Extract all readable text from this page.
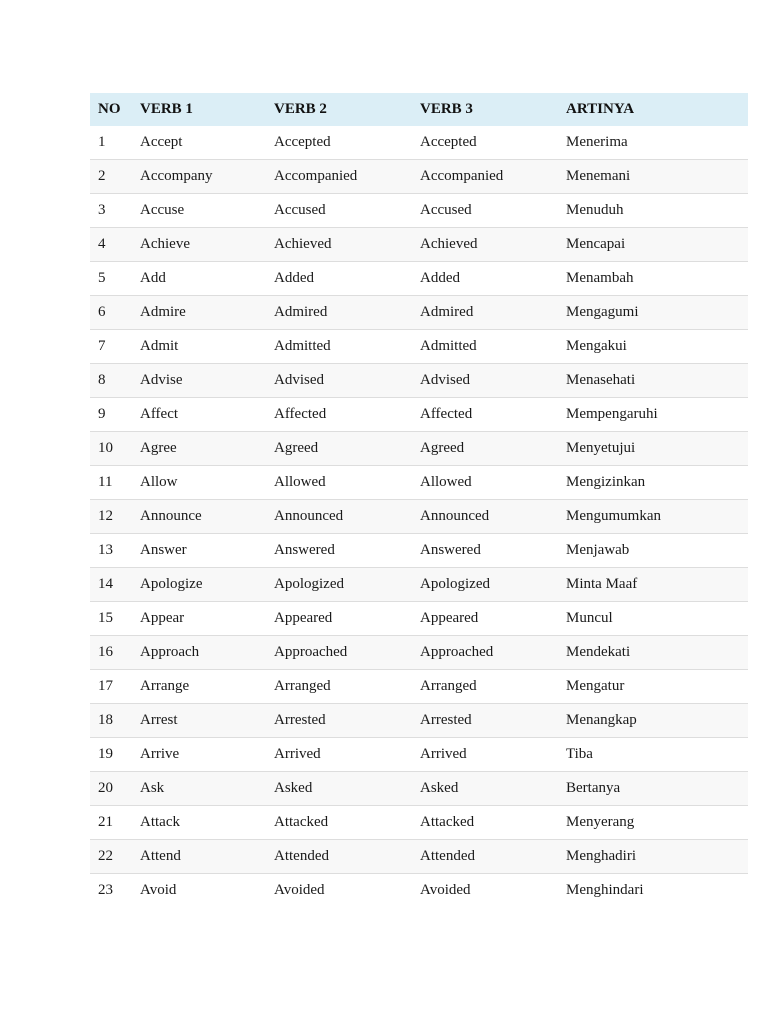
NO	VERB 1	VERB 2	VERB 3	ARTINYA
1	Accept	Accepted	Accepted	Menerima
2	Accompany	Accompanied	Accompanied	Menemani
3	Accuse	Accused	Accused	Menuduh
4	Achieve	Achieved	Achieved	Mencapai
5	Add	Added	Added	Menambah
6	Admire	Admired	Admired	Mengagumi
7	Admit	Admitted	Admitted	Mengakui
8	Advise	Advised	Advised	Menasehati
9	Affect	Affected	Affected	Mempengaruhi
10	Agree	Agreed	Agreed	Menyetujui
11	Allow	Allowed	Allowed	Mengizinkan
12	Announce	Announced	Announced	Mengumumkan
13	Answer	Answered	Answered	Menjawab
14	Apologize	Apologized	Apologized	Minta Maaf
15	Appear	Appeared	Appeared	Muncul
16	Approach	Approached	Approached	Mendekati
17	Arrange	Arranged	Arranged	Mengatur
18	Arrest	Arrested	Arrested	Menangkap
19	Arrive	Arrived	Arrived	Tiba
20	Ask	Asked	Asked	Bertanya
21	Attack	Attacked	Attacked	Menyerang
22	Attend	Attended	Attended	Menghadiri
23	Avoid	Avoided	Avoided	Menghindari
